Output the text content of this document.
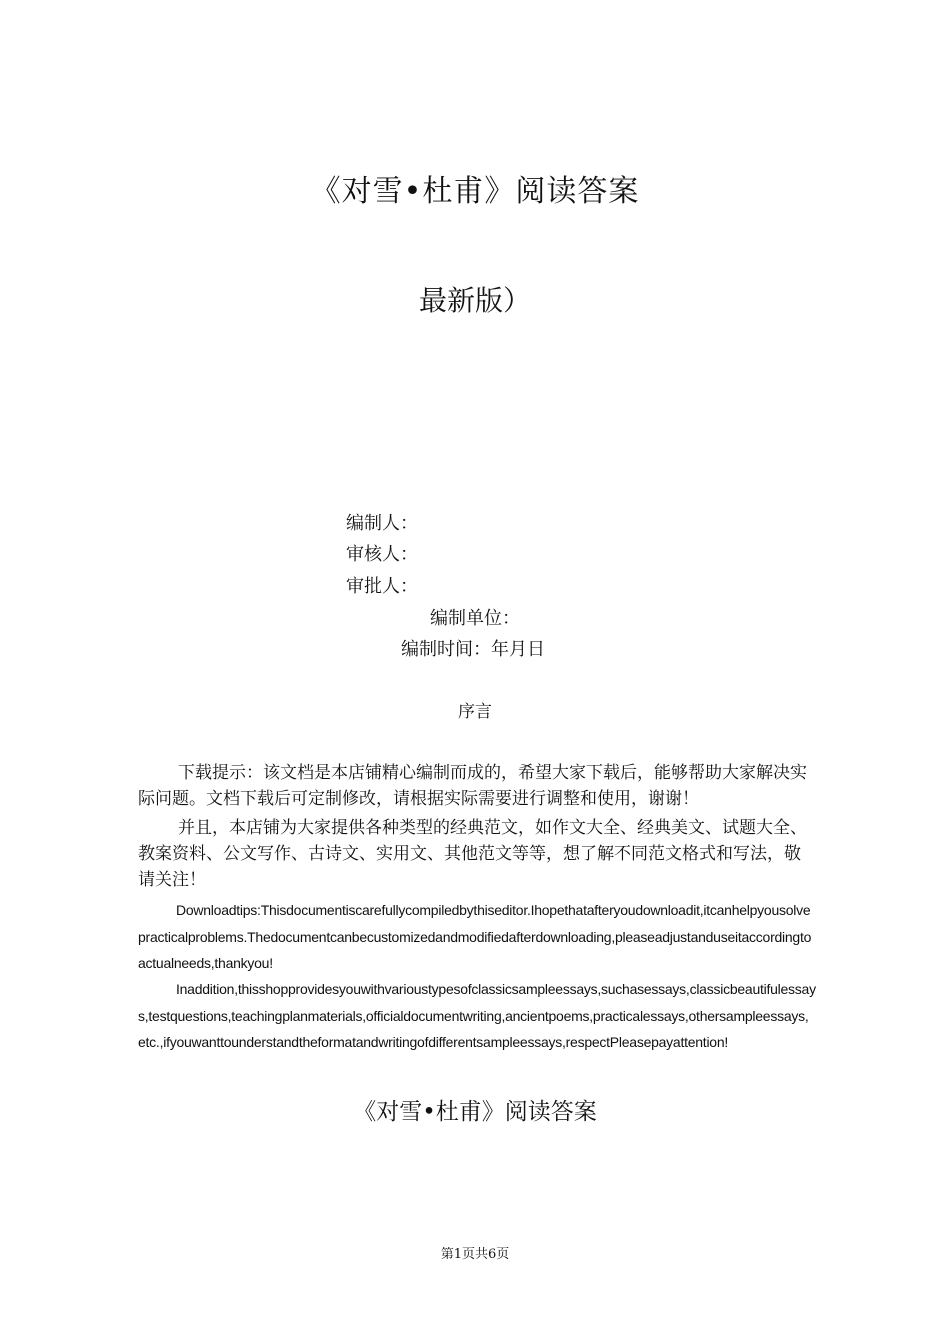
《对雪•杜甫》阅读答案
最新版）
编制人：
审核人：
审批人：
编制单位：
编制时间：年月日
序言

下载提示：该文档是本店铺精心编制而成的，希望大家下载后，能够帮助大家解决实际问题。文档下载后可定制修改，请根据实际需要进行调整和使用，谢谢！

并且，本店铺为大家提供各种类型的经典范文，如作文大全、经典美文、试题大全、教案资料、公文写作、古诗文、实用文、其他范文等等，想了解不同范文格式和写法，敬请关注！

Downloadtips:Thisdocumentiscarefullycompiledbythiseditor.Ihopethatafteryoudownloadit,itcanhelpyousolvepracticalproblems.Thedocumentcanbecustomizedandmodifiedafterdownloading,pleaseadjustanduseitaccordingtoactualneeds,thankyou!

Inaddition,thisshopprovidesyouwithvarioustypesofclassicsampleessays,suchasessays,classicbeautifulessays,testquestions,teachingplanmaterials,officialdocumentwriting,ancientpoems,practicalessays,othersampleessays,etc.,ifyouwanttounderstandtheformatandwritingofdifferentsampleessays,respectPleasepayattention!

《对雪•杜甫》阅读答案
第1页共6页
